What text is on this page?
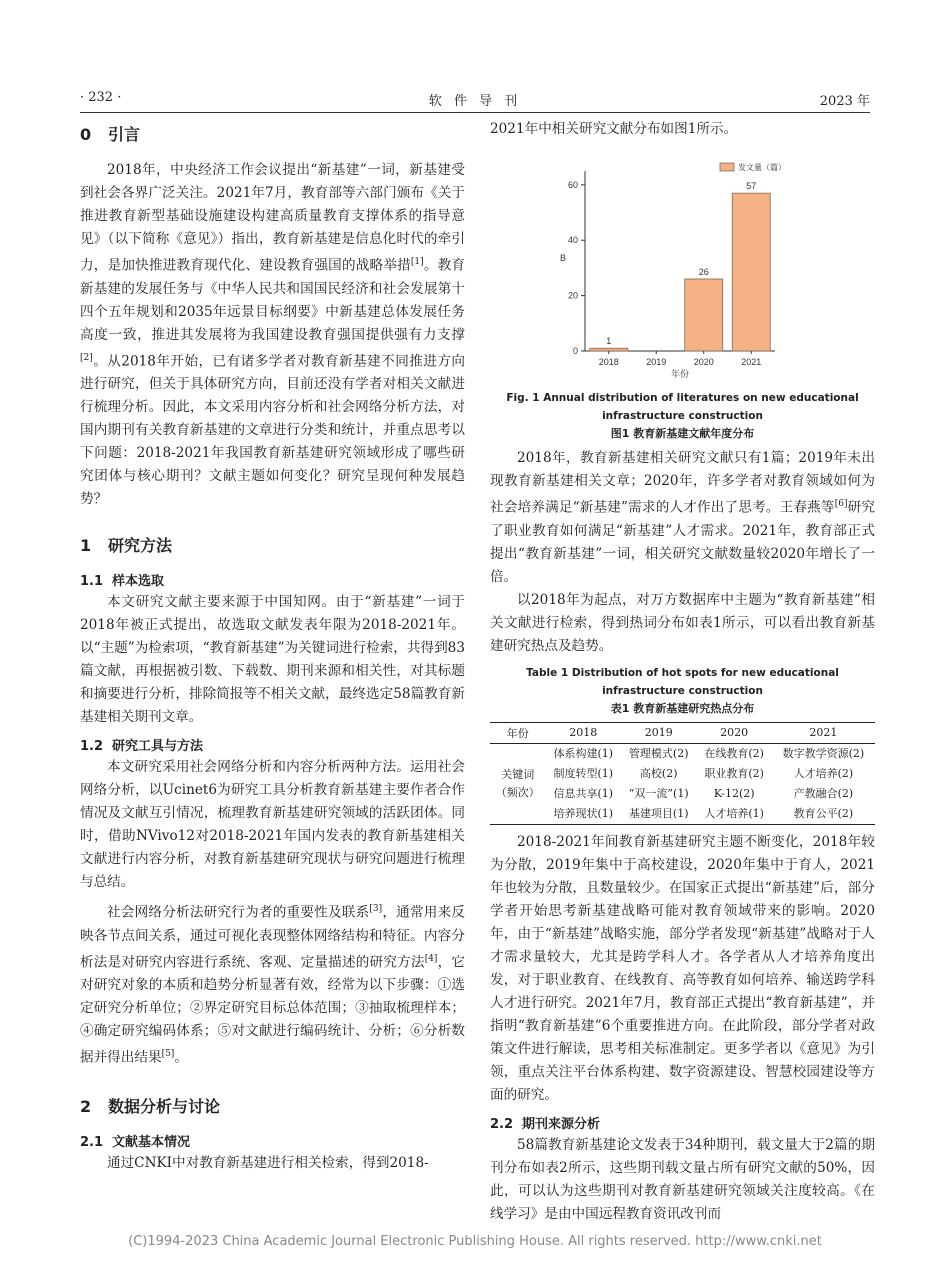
· 232 ·	软 件 导 刊	2023 年
0 引言

2018年，中央经济工作会议提出“新基建”一词，新基建受到社会各界广泛关注。2021年7月，教育部等六部门颁布《关于推进教育新型基础设施建设构建高质量教育支撑体系的指导意见》（以下简称《意见》）指出，教育新基建是信息化时代的牵引力，是加快推进教育现代化、建设教育强国的战略举措[1]。教育新基建的发展任务与《中华人民共和国国民经济和社会发展第十四个五年规划和2035年远景目标纲要》中新基建总体发展任务高度一致，推进其发展将为我国建设教育强国提供强有力支撑[2]。从2018年开始，已有诸多学者对教育新基建不同推进方向进行研究，但关于具体研究方向，目前还没有学者对相关文献进行梳理分析。因此，本文采用内容分析和社会网络分析方法，对国内期刊有关教育新基建的文章进行分类和统计，并重点思考以下问题：2018-2021年我国教育新基建研究领域形成了哪些研究团体与核心期刊？文献主题如何变化？研究呈现何种发展趋势？

1 研究方法
1.1 样本选取

本文研究文献主要来源于中国知网。由于“新基建”一词于2018年被正式提出，故选取文献发表年限为2018-2021年。以“主题”为检索项，“教育新基建”为关键词进行检索，共得到83篇文献，再根据被引数、下载数、期刊来源和相关性，对其标题和摘要进行分析，排除简报等不相关文献，最终选定58篇教育新基建相关期刊文章。

1.2 研究工具与方法

本文研究采用社会网络分析和内容分析两种方法。运用社会网络分析，以Ucinet6为研究工具分析教育新基建主要作者合作情况及文献互引情况，梳理教育新基建研究领域的活跃团体。同时，借助NVivo12对2018-2021年国内发表的教育新基建相关文献进行内容分析，对教育新基建研究现状与研究问题进行梳理与总结。

社会网络分析法研究行为者的重要性及联系[3]，通常用来反映各节点间关系，通过可视化表现整体网络结构和特征。内容分析法是对研究内容进行系统、客观、定量描述的研究方法[4]，它对研究对象的本质和趋势分析显著有效，经常为以下步骤：①选定研究分析单位；②界定研究目标总体范围；③抽取梳理样本；④确定研究编码体系；⑤对文献进行编码统计、分析；⑥分析数据并得出结果[5]。

2 数据分析与讨论
2.1 文献基本情况

通过CNKI中对教育新基建进行相关检索，得到2018-

2021年中相关研究文献分布如图1所示。

0
20
40
60
B
1
2018	2019
26
2020
57
2021
年份
发文量（篇）
Fig. 1 Annual distribution of literatures on new educational infrastructure construction
图1 教育新基建文献年度分布

2018年，教育新基建相关研究文献只有1篇；2019年未出现教育新基建相关文章；2020年，许多学者对教育领域如何为社会培养满足“新基建”需求的人才作出了思考。王春燕等[6]研究了职业教育如何满足“新基建”人才需求。2021年，教育部正式提出“教育新基建”一词，相关研究文献数量较2020年增长了一倍。

以2018年为起点，对万方数据库中主题为“教育新基建”相关文献进行检索，得到热词分布如表1所示，可以看出教育新基建研究热点及趋势。

Table 1 Distribution of hot spots for new educational infrastructure construction
表1 教育新基建研究热点分布
年份	2018	2019	2020	2021
关键词
（频次）	体系构建(1)	管理模式(2)	在线教育(2)	数字教学资源(2)
	制度转型(1)	高校(2)	职业教育(2)	人才培养(2)
	信息共享(1)	“双一流”(1)	K-12(2)	产教融合(2)
	培养现状(1)	基建项目(1)	人才培养(1)	教育公平(2)

2018-2021年间教育新基建研究主题不断变化，2018年较为分散，2019年集中于高校建设，2020年集中于育人，2021年也较为分散，且数量较少。在国家正式提出“新基建”后，部分学者开始思考新基建战略可能对教育领域带来的影响。2020年，由于“新基建”战略实施，部分学者发现“新基建”战略对于人才需求量较大，尤其是跨学科人才。各学者从人才培养角度出发，对于职业教育、在线教育、高等教育如何培养、输送跨学科人才进行研究。2021年7月，教育部正式提出“教育新基建”，并指明“教育新基建”6个重要推进方向。在此阶段，部分学者对政策文件进行解读，思考相关标准制定。更多学者以《意见》为引领，重点关注平台体系构建、数字资源建设、智慧校园建设等方面的研究。

2.2 期刊来源分析

58篇教育新基建论文发表于34种期刊，载文量大于2篇的期刊分布如表2所示，这些期刊载文量占所有研究文献的50%，因此，可以认为这些期刊对教育新基建研究领域关注度较高。《在线学习》是由中国远程教育资讯改刊而

(C)1994-2023 China Academic Journal Electronic Publishing House. All rights reserved. http://www.cnki.net
